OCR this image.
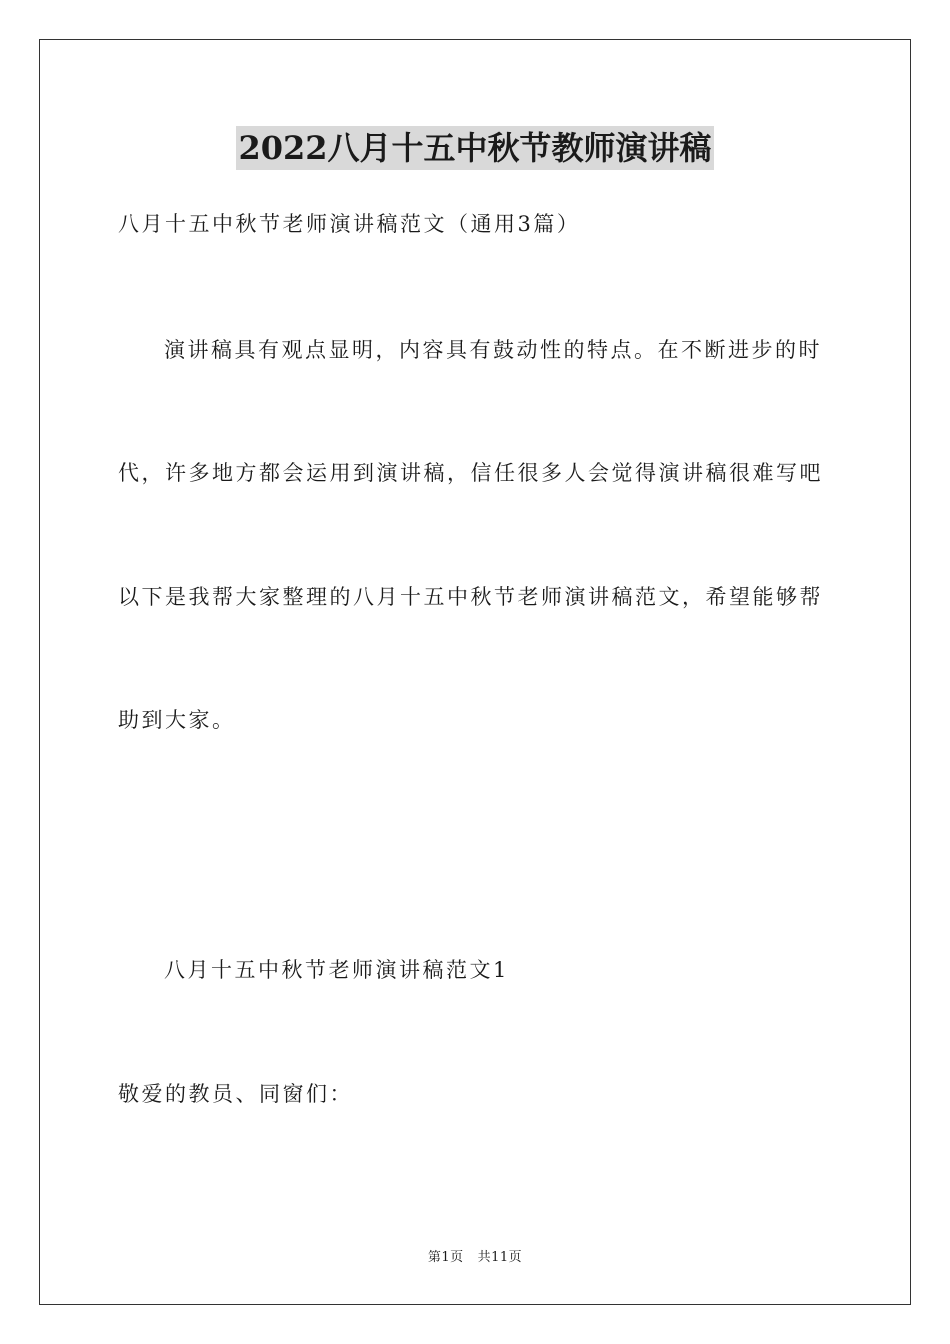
2022八月十五中秋节教师演讲稿
八月十五中秋节老师演讲稿范文（通用3篇）
演讲稿具有观点显明，内容具有鼓动性的特点。在不断进步的时
代，许多地方都会运用到演讲稿，信任很多人会觉得演讲稿很难写吧
以下是我帮大家整理的八月十五中秋节老师演讲稿范文，希望能够帮
助到大家。
八月十五中秋节老师演讲稿范文1
敬爱的教员、同窗们：
第1页 共11页
